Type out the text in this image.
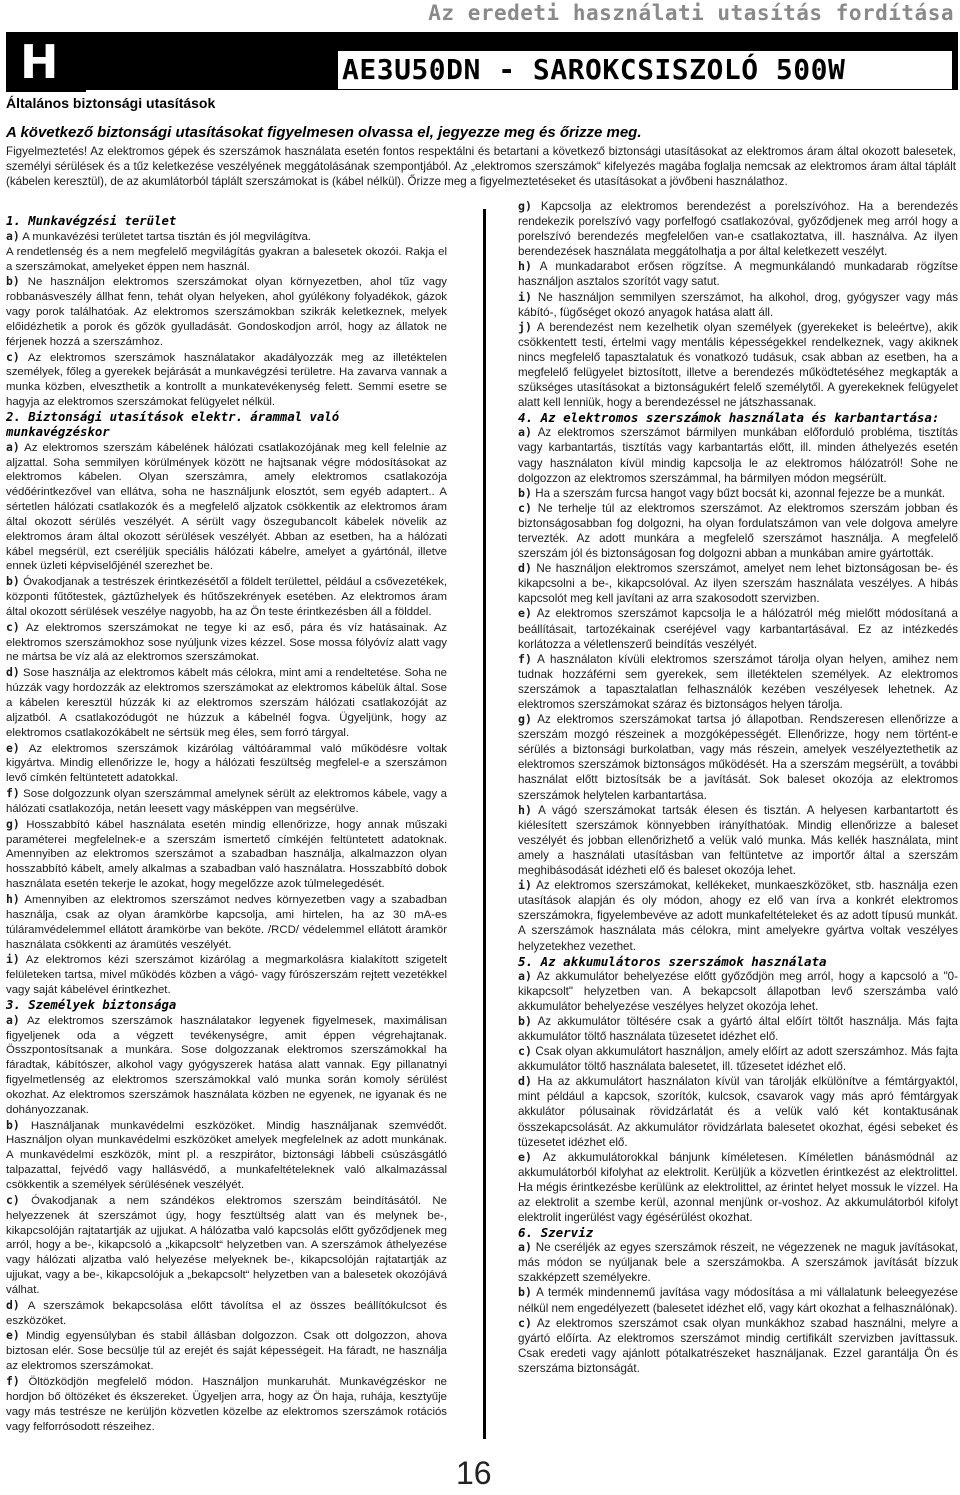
Az eredeti használati utasítás fordítása
H	AE3U50DN - SAROKCSISZOLÓ 500W
Általános biztonsági utasítások
A következő biztonsági utasításokat figyelmesen olvassa el, jegyezze meg és őrizze meg.
Figyelmeztetés! Az elektromos gépek és szerszámok használata esetén fontos respektálni és betartani a következő biztonsági utasításokat az elektromos áram által okozott balesetek, személyi sérülések és a tűz keletkezése veszélyének meggátolásának szempontjából. Az „elektromos szerszámok“ kifelyezés magába foglalja nemcsak az elektromos áram által táplált (kábelen keresztül), de az akumlátorból táplált szerszámokat is (kábel nélkül). Őrizze meg a figyelmeztetéseket és utasításokat a jövőbeni használathoz.

1. Munkavégzési terület

a) A munkavézési területet tartsa tisztán és jól megvilágítva.

A rendetlenség és a nem megfelelő megvilágítás gyakran a balesetek okozói. Rakja el a szerszámokat, amelyeket éppen nem használ.

b) Ne használjon elektromos szerszámokat olyan környezetben, ahol tűz vagy robbanásveszély állhat fenn, tehát olyan helyeken, ahol gyúlékony folyadékok, gázok vagy porok találhatóak. Az elektromos szerszámokban szikrák keletkeznek, melyek előidézhetik a porok és gőzök gyulladását. Gondoskodjon arról, hogy az állatok ne férjenek hozzá a szerszámhoz.

c) Az elektromos szerszámok használatakor akadályozzák meg az illetéktelen személyek, főleg a gyerekek bejárását a munkavégzési területre. Ha zavarva vannak a munka közben, elveszthetik a kontrollt a munkatevékenység felett. Semmi esetre se hagyja az elektromos szerszámokat felügyelet nélkül.

2. Biztonsági utasítások elektr. árammal való munkavégzéskor

a) Az elektromos szerszám kábelének hálózati csatlakozójának meg kell felelnie az aljzattal. Soha semmilyen körülmények között ne hajtsanak végre módosításokat az elektromos kábelen. Olyan szerszámra, amely elektromos csatlakozója védőérintkezővel van ellátva, soha ne használjunk elosztót, sem egyéb adaptert.. A sértetlen hálózati csatlakozók és a megfelelő aljzatok csökkentik az elektromos áram által okozott sérülés veszélyét. A sérült vagy öszegubancolt kábelek növelik az elektromos áram által okozott sérülések veszélyét. Abban az esetben, ha a hálózati kábel megsérül, ezt cseréljük speciális hálózati kábelre, amelyet a gyártónál, illetve ennek üzleti képviselőjénél szerezhet be.

b) Óvakodjanak a testrészek érintkezésétől a földelt területtel, például a csővezetékek, központi fűtőtestek, gáztűzhelyek és hűtőszekrények esetében. Az elektromos áram által okozott sérülések veszélye nagyobb, ha az Ön teste érintkezésben áll a földdel.

c) Az elektromos szerszámokat ne tegye ki az eső, pára és víz hatásainak. Az elektromos szerszámokhoz sose nyúljunk vizes kézzel. Sose mossa fólyóvíz alatt vagy ne mártsa be víz alá az elektromos szerszámokat.

d) Sose használja az elektromos kábelt más célokra, mint ami a rendeltetése. Soha ne húzzák vagy hordozzák az elektromos szerszámokat az elektromos kábelük által. Sose a kábelen keresztül húzzák ki az elektromos szerszám hálózati csatlakozóját az aljzatból. A csatlakozódugót ne húzzuk a kábelnél fogva. Ügyeljünk, hogy az elektromos csatlakozókábelt ne sértsük meg éles, sem forró tárgyal.

e) Az elektromos szerszámok kizárólag váltóárammal való működésre voltak kigyártva. Mindig ellenőrizze le, hogy a hálózati feszültség megfelel-e a szerszámon levő címkén feltüntetett adatokkal.

f) Sose dolgozzunk olyan szerszámmal amelynek sérült az elektromos kábele, vagy a hálózati csatlakozója, netán leesett vagy másképpen van megsérülve.

g) Hosszabbító kábel használata esetén mindig ellenőrizze, hogy annak műszaki paraméterei megfelelnek-e a szerszám ismertető címkéjén feltüntetett adatoknak. Amennyiben az elektromos szerszámot a szabadban használja, alkalmazzon olyan hosszabbító kábelt, amely alkalmas a szabadban való használatra. Hosszabbító dobok használata esetén tekerje le azokat, hogy megelőzze azok túlmelegedését.

h) Amennyiben az elektromos szerszámot nedves környezetben vagy a szabadban használja, csak az olyan áramkörbe kapcsolja, ami hirtelen, ha az 30 mA-es túláramvédelemmel ellátott áramkörbe van beköte. /RCD/ védelemmel ellátott áramkör használata csökkenti az áramütés veszélyét.

i) Az elektromos kézi szerszámot kizárólag a megmarkolásra kialakított szigetelt felületeken tartsa, mivel működés közben a vágó- vagy fúrószerszám rejtett vezetékkel vagy saját kábelével érintkezhet.

3. Személyek biztonsága

a) Az elektromos szerszámok használatakor legyenek figyelmesek, maximálisan figyeljenek oda a végzett tevékenységre, amit éppen végrehajtanak. Összpontosítsanak a munkára. Sose dolgozzanak elektromos szerszámokkal ha fáradtak, kábítószer, alkohol vagy gyógyszerek hatása alatt vannak. Egy pillanatnyi figyelmetlenség az elektromos szerszámokkal való munka során komoly sérülést okozhat. Az elektromos szerszámok használata közben ne egyenek, ne igyanak és ne dohányozzanak.

b) Használjanak munkavédelmi eszközöket. Mindig használjanak szemvédőt. Használjon olyan munkavédelmi eszközöket amelyek megfelelnek az adott munkának. A munkavédelmi eszközök, mint pl. a reszpirátor, biztonsági lábbeli csúszásgátló talpazattal, fejvédő vagy hallásvédő, a munkafeltételeknek való alkalmazással csökkentik a személyek sérülésének veszélyét.

c) Óvakodjanak a nem szándékos elektromos szerszám beindításától. Ne helyezzenek át szerszámot úgy, hogy fesztültség alatt van és melynek be-, kikapcsolóján rajtatartják az ujjukat. A hálózatba való kapcsolás előtt győződjenek meg arról, hogy a be-, kikapcsoló a „kikapcsolt“ helyzetben van. A szerszámok áthelyezése vagy hálózati aljzatba való helyezése melyeknek be-, kikapcsolóján rajtatartják az ujjukat, vagy a be-, kikapcsolójuk a „bekapcsolt“ helyzetben van a balesetek okozójává válhat.

d) A szerszámok bekapcsolása előtt távolítsa el az összes beállítókulcsot és eszközöket.

e) Mindig egyensúlyban és stabil állásban dolgozzon. Csak ott dolgozzon, ahova biztosan elér. Sose becsülje túl az erejét és saját képességeit. Ha fáradt, ne használja az elektromos szerszámokat.

f) Öltözködjön megfelelő módon. Használjon munkaruhát. Munkavégzéskor ne hordjon bő öltözéket és ékszereket. Ügyeljen arra, hogy az Ön haja, ruhája, kesztyűje vagy más testrésze ne kerüljön közvetlen közelbe az elektromos szerszámok rotációs vagy felforrósodott részeihez.

g) Kapcsolja az elektromos berendezést a porelszívóhoz. Ha a berendezés rendekezik porelszívó vagy porfelfogó csatlakozóval, győződjenek meg arról hogy a porelszívó berendezés megfelelően van-e csatlakoztatva, ill. használva. Az ilyen berendezések használata meggátolhatja a por által keletkezett veszélyt.

h) A munkadarabot erősen rögzítse. A megmunkálandó munkadarab rögzítse használjon asztalos szorítót vagy satut.

i) Ne használjon semmilyen szerszámot, ha alkohol, drog, gyógyszer vagy más kábító-, fügőséget okozó anyagok hatása alatt áll.

j) A berendezést nem kezelhetik olyan személyek (gyerekeket is beleértve), akik csökkentett testi, értelmi vagy mentális képességekkel rendelkeznek, vagy akiknek nincs megfelelő tapasztalatuk és vonatkozó tudásuk, csak abban az esetben, ha a megfelelő felügyelet biztosított, illetve a berendezés működtetéséhez megkapták a szükséges utasításokat a biztonságukért felelő személytől. A gyerekeknek felügyelet alatt kell lenniük, hogy a berendezéssel ne játszhassanak.

4. Az elektromos szerszámok használata és karbantartása:

a) Az elektromos szerszámot bármilyen munkában előforduló probléma, tisztítás vagy karbantartás, tisztítás vagy karbantartás előtt, ill. minden áthelyezés esetén vagy használaton kívül mindig kapcsolja le az elektromos hálózatról! Sohe ne dolgozzon az elektromos szerszámmal, ha bármilyen módon megsérült.

b) Ha a szerszám furcsa hangot vagy bűzt bocsát ki, azonnal fejezze be a munkát.

c) Ne terhelje túl az elektromos szerszámot. Az elektromos szerszám jobban és biztonságosabban fog dolgozni, ha olyan fordulatszámon van vele dolgova amelyre tervezték. Az adott munkára a megfelelő szerszámot használja. A megfelelő szerszám jól és biztonságosan fog dolgozni abban a munkában amire gyártották.

d) Ne használjon elektromos szerszámot, amelyet nem lehet biztonságosan be- és kikapcsolni a be-, kikapcsolóval. Az ilyen szerszám használata veszélyes. A hibás kapcsolót meg kell javítani az arra szakosodott szervizben.

e) Az elektromos szerszámot kapcsolja le a hálózatról még mielőtt módosítaná a beállításait, tartozékainak cseréjével vagy karbantartásával. Ez az intézkedés korlátozza a véletlenszerű beindítás veszélyét.

f) A használaton kívüli elektromos szerszámot tárolja olyan helyen, amihez nem tudnak hozzáférni sem gyerekek, sem illetéktelen személyek. Az elektromos szerszámok a tapasztalatlan felhasználók kezében veszélyesek lehetnek. Az elektromos szerszámokat száraz és biztonságos helyen tárolja.

g) Az elektromos szerszámokat tartsa jó állapotban. Rendszeresen ellenőrizze a szerszám mozgó részeinek a mozgóképességét. Ellenőrizze, hogy nem történt-e sérülés a biztonsági burkolatban, vagy más részein, amelyek veszélyeztethetik az elektromos szerszámok biztonságos működését. Ha a szerszám megsérült, a további használat előtt biztosítsák be a javítását. Sok baleset okozója az elektromos szerszámok helytelen karbantartása.

h) A vágó szerszámokat tartsák élesen és tisztán. A helyesen karbantartott és kiélesített szerszámok könnyebben irányíthatóak. Mindig ellenőrizze a baleset veszélyét és jobban ellenőrizhető a velük való munka. Más kellék használata, mint amely a használati utasításban van feltüntetve az importőr által a szerszám meghibásodását idézheti elő és baleset okozója lehet.

i) Az elektromos szerszámokat, kellékeket, munkaeszközöket, stb. használja ezen utasítások alapján és oly módon, ahogy ez elő van írva a konkrét elektromos szerszámokra, figyelembevéve az adott munkafeltételeket és az adott típusú munkát. A szerszámok használata más célokra, mint amelyekre gyártva voltak veszélyes helyzetekhez vezethet.

5. Az akkumulátoros szerszámok használata

a) Az akkumulátor behelyezése előtt győződjön meg arról, hogy a kapcsoló a "0-kikapcsolt" helyzetben van. A bekapcsolt állapotban levő szerszámba való akkumulátor behelyezése veszélyes helyzet okozója lehet.

b) Az akkumulátor töltésére csak a gyártó által előírt töltőt használja. Más fajta akkumulátor töltő használata tüzesetet idézhet elő.

c) Csak olyan akkumulátort használjon, amely előírt az adott szerszámhoz. Más fajta akkumulátor töltő használata balesetet, ill. tűzesetet idézhet elő.

d) Ha az akkumulátort használaton kívül van tárolják elkülönítve a fémtárgyaktól, mint például a kapcsok, szorítók, kulcsok, csavarok vagy más apró fémtárgyak akkulátor pólusainak rövidzárlatát és a velük való két kontaktusának összekapcsolását. Az akkumulátor rövidzárlata balesetet okozhat, égési sebeket és tüzesetet idézhet elő.

e) Az akkumulátorokkal bánjunk kíméletesen. Kíméletlen bánásmódnál az akkumulátorból kifolyhat az elektrolit. Kerüljük a közvetlen érintkezést az elektrolittel. Ha mégis érintkezésbe kerülünk az elektrolittel, az érintet helyet mossuk le vízzel. Ha az elektrolit a szembe kerül, azonnal menjünk or-voshoz. Az akkumulátorból kifolyt elektrolit ingerülést vagy égésérülést okozhat.

6. Szerviz

a) Ne cseréljék az egyes szerszámok részeit, ne végezzenek ne maguk javításokat, más módon se nyúljanak bele a szerszámokba. A szerszámok javítását bízzuk szakképzett személyekre.

b) A termék mindennemű javítása vagy módosítása a mi vállalatunk beleegyezése nélkül nem engedélyezett (balesetet idézhet elő, vagy kárt okozhat a felhasználónak).

c) Az elektromos szerszámot csak olyan munkákhoz szabad használni, melyre a gyártó előírta. Az elektromos szerszámot mindig certifikált szervizben javíttassuk. Csak eredeti vagy ajánlott pótalkatrészeket használjanak. Ezzel garantálja Ön és szerszáma biztonságát.

16
